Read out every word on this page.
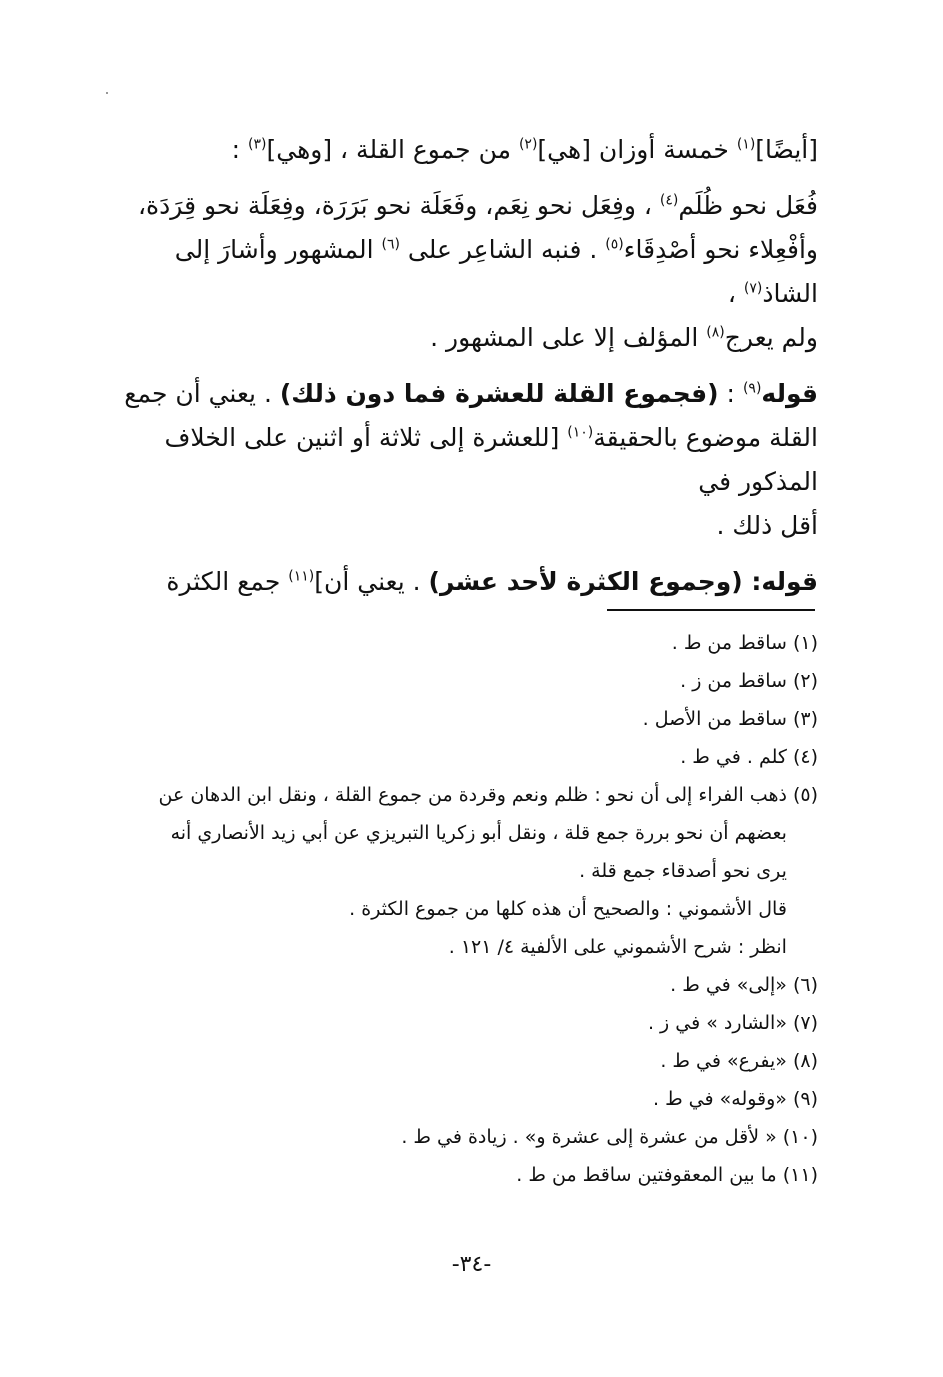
[أيضًا]$^{(١)}$ خمسة أوزان [هي]$^{(٢)}$ من جموع القلة ، [وهي]$^{(٣)}$ :

فُعَل نحو ظُلَم$^{(٤)}$ ، وفِعَل نحو نِعَم، وفَعَلَة نحو بَرَرَة، وفِعَلَة نحو قِرَدَة،
وأفْعِلاء نحو أصْدِقَاء$^{(٥)}$ . فنبه الشاعِر على $^{(٦)}$ المشهور وأشارَ إلى الشاذ$^{(٧)}$ ،
ولم يعرج$^{(٨)}$ المؤلف إلا على المشهور .

قوله$^{(٩)}$ : (فجموع القلة للعشرة فما دون ذلك) . يعني أن جمع
القلة موضوع بالحقيقة$^{(١٠)}$ [للعشرة إلى ثلاثة أو اثنين على الخلاف المذكور في
أقل ذلك .

قوله: (وجموع الكثرة لأحد عشر) . يعني أن]$^{(١١)}$ جمع الكثرة

(١)
ساقط من ط .
(٢)
ساقط من ز .
(٣)
ساقط من الأصل .
(٤)
كلم . في ط .
(٥)
ذهب الفراء إلى أن نحو : ظلم ونعم وقردة من جموع القلة ، ونقل ابن الدهان عن
بعضهم أن نحو بررة جمع قلة ، ونقل أبو زكريا التبريزي عن أبي زيد الأنصاري أنه
يرى نحو أصدقاء جمع قلة .
قال الأشموني : والصحيح أن هذه كلها من جموع الكثرة .
انظر : شرح الأشموني على الألفية ٤/ ١٢١ .
(٦)
«إلى» في ط .
(٧)
«الشارد » في ز .
(٨)
«يفرع» في ط .
(٩)
«وقوله» في ط .
(١٠)
« لأقل من عشرة إلى عشرة و» . زيادة في ط .
(١١)
ما بين المعقوفتين ساقط من ط .
-٣٤-
